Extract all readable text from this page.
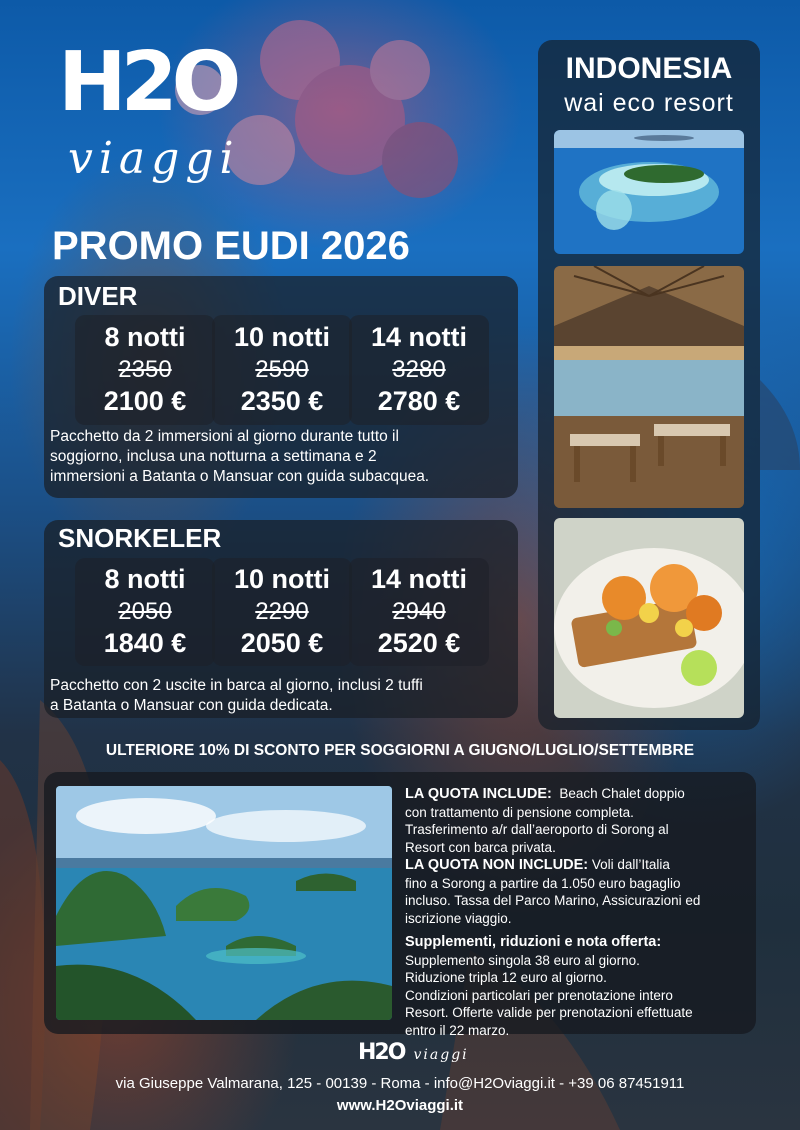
H2O
viaggi
PROMO EUDI 2026
INDONESIA
wai eco resort
DIVER
8 notti	10 notti	14 notti
2350	2590	3280
2100 €	2350 €	2780 €
Pacchetto da 2 immersioni al giorno durante tutto il
soggiorno, inclusa una notturna a settimana e 2
immersioni a Batanta o Mansuar con guida subacquea.
SNORKELER
8 notti	10 notti	14 notti
2050	2290	2940
1840 €	2050 €	2520 €
Pacchetto con 2 uscite in barca al giorno, inclusi 2 tuffi
a Batanta o Mansuar con guida dedicata.
ULTERIORE 10% DI SCONTO PER SOGGIORNI A GIUGNO/LUGLIO/SETTEMBRE
LA QUOTA INCLUDE: Beach Chalet doppio
con trattamento di pensione completa.
Trasferimento a/r dall’aeroporto di Sorong al
Resort con barca privata.
LA QUOTA NON INCLUDE: Voli dall’Italia
fino a Sorong a partire da 1.050 euro bagaglio
incluso. Tassa del Parco Marino, Assicurazioni ed
iscrizione viaggio.
Supplementi, riduzioni e nota offerta:
Supplemento singola 38 euro al giorno.
Riduzione tripla 12 euro al giorno.
Condizioni particolari per prenotazione intero
Resort. Offerte valide per prenotazioni effettuate
entro il 22 marzo.
H2O viaggi
via Giuseppe Valmarana, 125 - 00139 - Roma - info@H2Oviaggi.it - +39 06 87451911
www.H2Oviaggi.it
